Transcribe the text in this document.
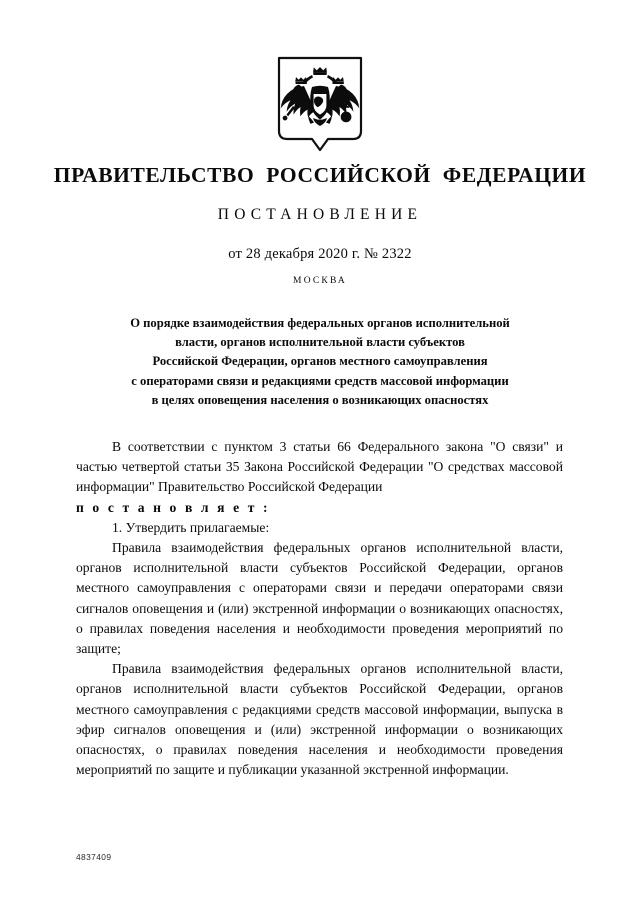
ПРАВИТЕЛЬСТВО РОССИЙСКОЙ ФЕДЕРАЦИИ
ПОСТАНОВЛЕНИЕ
от 28 декабря 2020 г. № 2322
МОСКВА
О порядке взаимодействия федеральных органов исполнительной
власти, органов исполнительной власти субъектов
Российской Федерации, органов местного самоуправления
с операторами связи и редакциями средств массовой информации
в целях оповещения населения о возникающих опасностях

В соответствии с пунктом 3 статьи 66 Федерального закона "О связи" и частью четвертой статьи 35 Закона Российской Федерации "О средствах массовой информации" Правительство Российской Федерации

п о с т а н о в л я е т :

1. Утвердить прилагаемые:

Правила взаимодействия федеральных органов исполнительной власти, органов исполнительной власти субъектов Российской Федерации, органов местного самоуправления с операторами связи и передачи операторами связи сигналов оповещения и (или) экстренной информации о возникающих опасностях, о правилах поведения населения и необходимости проведения мероприятий по защите;

Правила взаимодействия федеральных органов исполнительной власти, органов исполнительной власти субъектов Российской Федерации, органов местного самоуправления с редакциями средств массовой информации, выпуска в эфир сигналов оповещения и (или) экстренной информации о возникающих опасностях, о правилах поведения населения и необходимости проведения мероприятий по защите и публикации указанной экстренной информации.

4837409
